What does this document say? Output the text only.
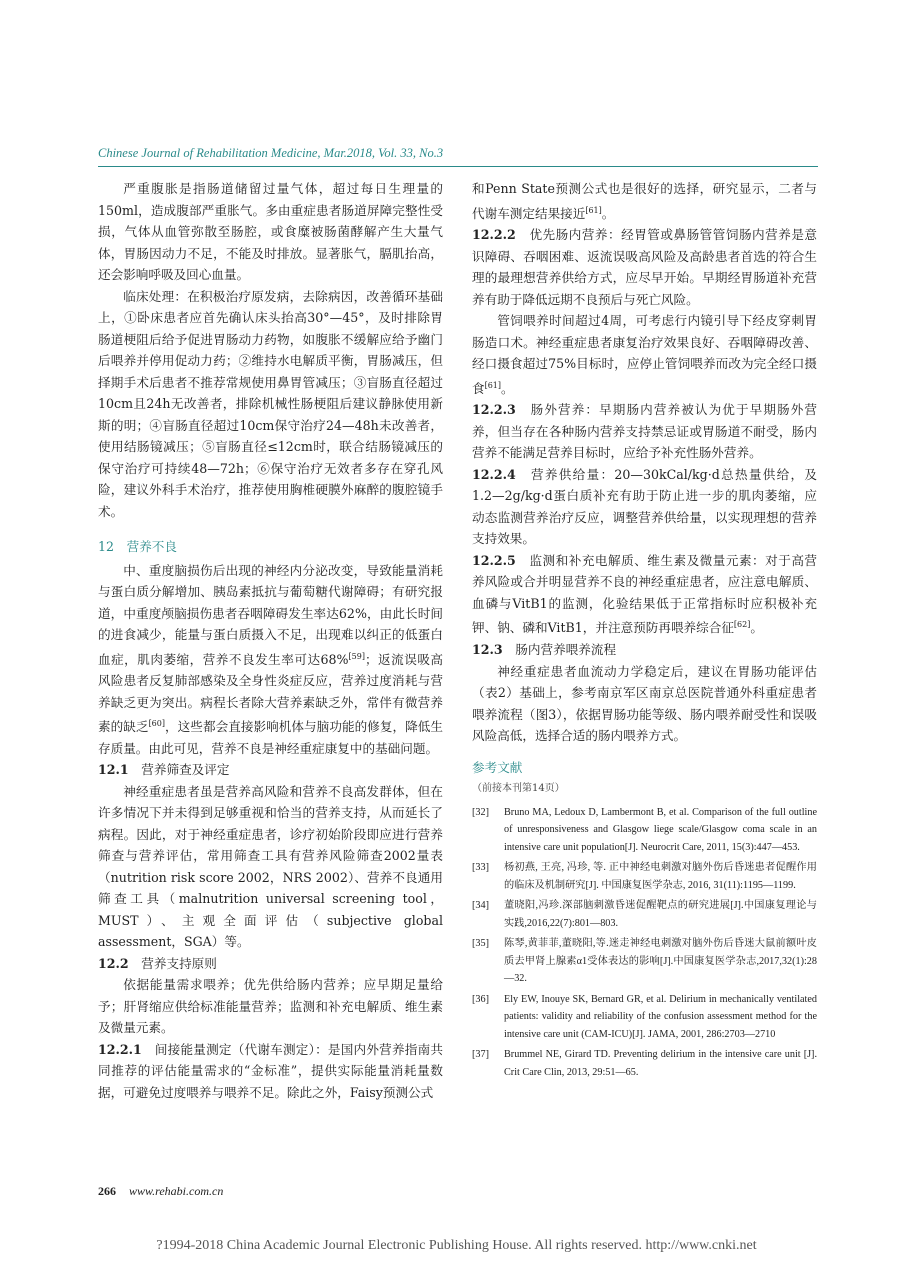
Chinese Journal of Rehabilitation Medicine, Mar.2018, Vol. 33, No.3

严重腹胀是指肠道储留过量气体，超过每日生理量的150ml，造成腹部严重胀气。多由重症患者肠道屏障完整性受损，气体从血管弥散至肠腔，或食糜被肠菌酵解产生大量气体，胃肠因动力不足，不能及时排放。显著胀气，膈肌抬高，还会影响呼吸及回心血量。

临床处理：在积极治疗原发病，去除病因，改善循环基础上，①卧床患者应首先确认床头抬高30°—45°，及时排除胃肠道梗阻后给予促进胃肠动力药物，如腹胀不缓解应给予幽门后喂养并停用促动力药；②维持水电解质平衡，胃肠减压，但择期手术后患者不推荐常规使用鼻胃管减压；③盲肠直径超过10cm且24h无改善者，排除机械性肠梗阻后建议静脉使用新斯的明；④盲肠直径超过10cm保守治疗24—48h未改善者，使用结肠镜减压；⑤盲肠直径≤12cm时，联合结肠镜减压的保守治疗可持续48—72h；⑥保守治疗无效者多存在穿孔风险，建议外科手术治疗，推荐使用胸椎硬膜外麻醉的腹腔镜手术。

12　营养不良

中、重度脑损伤后出现的神经内分泌改变，导致能量消耗与蛋白质分解增加、胰岛素抵抗与葡萄糖代谢障碍；有研究报道，中重度颅脑损伤患者吞咽障碍发生率达62%，由此长时间的进食减少，能量与蛋白质摄入不足，出现难以纠正的低蛋白血症，肌肉萎缩，营养不良发生率可达68%[59]；返流误吸高风险患者反复肺部感染及全身性炎症反应，营养过度消耗与营养缺乏更为突出。病程长者除大营养素缺乏外，常伴有微营养素的缺乏[60]，这些都会直接影响机体与脑功能的修复，降低生存质量。由此可见，营养不良是神经重症康复中的基础问题。

12.1　 营养筛查及评定

神经重症患者虽是营养高风险和营养不良高发群体，但在许多情况下并未得到足够重视和恰当的营养支持，从而延长了病程。因此，对于神经重症患者，诊疗初始阶段即应进行营养筛查与营养评估，常用筛查工具有营养风险筛查2002量表（nutrition risk score 2002，NRS 2002）、营养不良通用筛查工具（malnutrition universal screening tool，MUST）、主观全面评估（subjective global assessment，SGA）等。

12.2　 营养支持原则

依据能量需求喂养；优先供给肠内营养；应早期足量给予；肝肾缩应供给标准能量营养；监测和补充电解质、维生素及微量元素。

12.2.1　 间接能量测定（代谢车测定）：是国内外营养指南共同推荐的评估能量需求的“金标准”，提供实际能量消耗量数据，可避免过度喂养与喂养不足。除此之外，Faisy预测公式

和Penn State预测公式也是很好的选择，研究显示，二者与代谢车测定结果接近[61]。

12.2.2　 优先肠内营养：经胃管或鼻肠管管饲肠内营养是意识障碍、吞咽困难、返流误吸高风险及高龄患者首选的符合生理的最理想营养供给方式，应尽早开始。早期经胃肠道补充营养有助于降低远期不良预后与死亡风险。

管饲喂养时间超过4周，可考虑行内镜引导下经皮穿刺胃肠造口术。神经重症患者康复治疗效果良好、吞咽障碍改善、经口摄食超过75%目标时，应停止管饲喂养而改为完全经口摄食[61]。

12.2.3　 肠外营养：早期肠内营养被认为优于早期肠外营养，但当存在各种肠内营养支持禁忌证或胃肠道不耐受，肠内营养不能满足营养目标时，应给予补充性肠外营养。

12.2.4　 营养供给量：20—30kCal/kg·d总热量供给，及1.2—2g/kg·d蛋白质补充有助于防止进一步的肌肉萎缩，应动态监测营养治疗反应，调整营养供给量，以实现理想的营养支持效果。

12.2.5　 监测和补充电解质、维生素及微量元素：对于高营养风险或合并明显营养不良的神经重症患者，应注意电解质、血磷与VitB1的监测，化验结果低于正常指标时应积极补充钾、钠、磷和VitB1，并注意预防再喂养综合征[62]。

12.3　 肠内营养喂养流程

神经重症患者血流动力学稳定后，建议在胃肠功能评估（表2）基础上，参考南京军区南京总医院普通外科重症患者喂养流程（图3），依据胃肠功能等级、肠内喂养耐受性和误吸风险高低，选择合适的肠内喂养方式。

参考文献
（前接本刊第14页）
[32]	Bruno MA, Ledoux D, Lambermont B, et al. Comparison of the full outline of unresponsiveness and Glasgow liege scale/Glasgow coma scale in an intensive care unit population[J]. Neurocrit Care, 2011, 15(3):447—453.
[33]	杨初燕, 王亮, 冯珍, 等. 正中神经电刺激对脑外伤后昏迷患者促醒作用的临床及机制研究[J]. 中国康复医学杂志, 2016, 31(11):1195—1199.
[34]	董晓阳,冯珍.深部脑刺激昏迷促醒靶点的研究进展[J].中国康复理论与实践,2016,22(7):801—803.
[35]	陈琴,黄菲菲,董晓阳,等.迷走神经电刺激对脑外伤后昏迷大鼠前额叶皮质去甲肾上腺素α1受体表达的影响[J].中国康复医学杂志,2017,32(1):28—32.
[36]	Ely EW, Inouye SK, Bernard GR, et al. Delirium in mechanically ventilated patients: validity and reliability of the confusion assessment method for the intensive care unit (CAM-ICU)[J]. JAMA, 2001, 286:2703—2710
[37]	Brummel NE, Girard TD. Preventing delirium in the intensive care unit [J]. Crit Care Clin, 2013, 29:51—65.
266 www.rehabi.com.cn
?1994-2018 China Academic Journal Electronic Publishing House. All rights reserved. http://www.cnki.net
